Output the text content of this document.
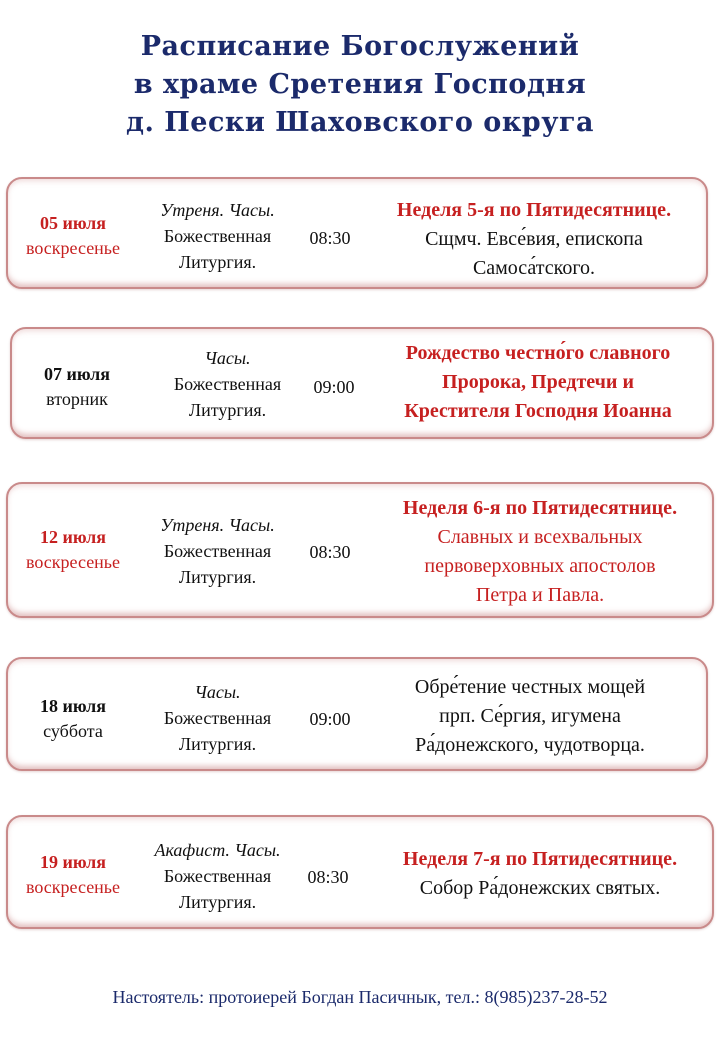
Расписание Богослужений
в храме Сретения Господня
д. Пески Шаховского округа
05 июля
воскресенье
Утреня. Часы.
Божественная
Литургия.
08:30
Неделя 5-я по Пятидесятнице.
Сщмч. Евсе́вия, епископа
Самоса́тского.
07 июля
вторник
Часы.
Божественная
Литургия.
09:00
Рождество честно́го славного
Пророка, Предтечи и
Крестителя Господня Иоанна
12 июля
воскресенье
Утреня. Часы.
Божественная
Литургия.
08:30
Неделя 6-я по Пятидесятнице.
Славных и всехвальных
первоверховных апостолов
Петра и Павла.
18 июля
суббота
Часы.
Божественная
Литургия.
09:00
Обре́тение честных мощей
прп. Се́ргия, игумена
Ра́донежского, чудотворца.
19 июля
воскресенье
Акафист. Часы.
Божественная
Литургия.
08:30
Неделя 7-я по Пятидесятнице.
Собор Ра́донежских святых.
Настоятель: протоиерей Богдан Пасичнык, тел.: 8(985)237-28-52
